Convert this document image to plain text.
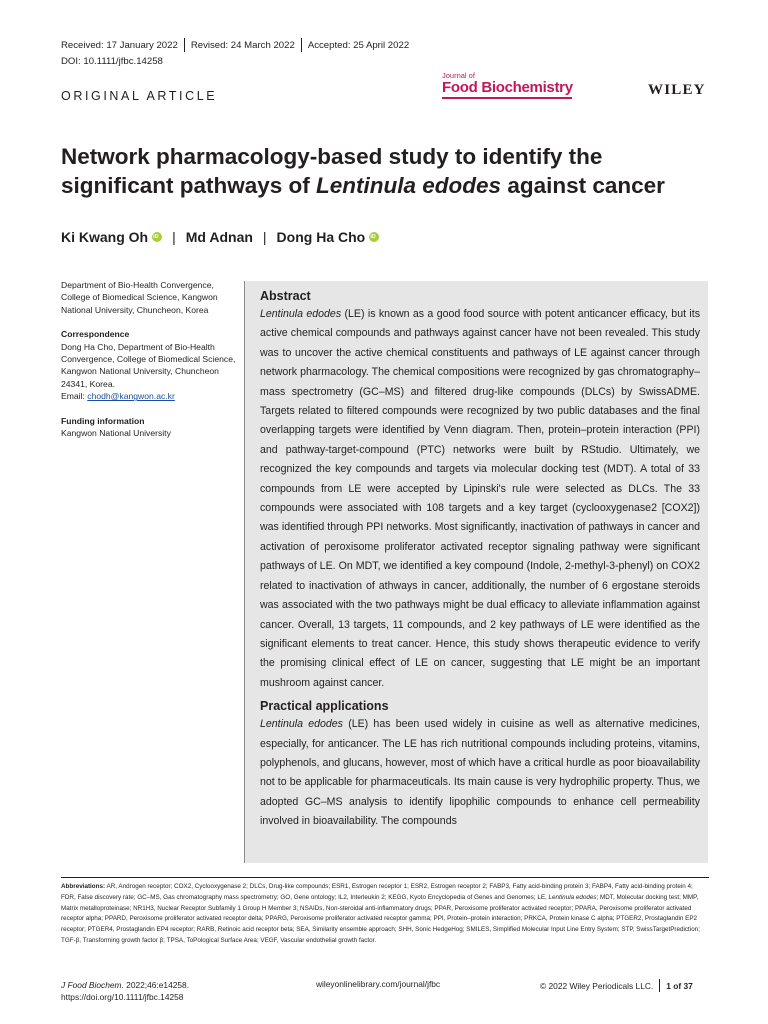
Received: 17 January 2022 Revised: 24 March 2022 Accepted: 25 April 2022
DOI: 10.1111/jfbc.14258
ORIGINAL ARTICLE
Journal of
Food Biochemistry	WILEY
Network pharmacology-based study to identify the significant pathways of Lentinula edodes against cancer
Ki Kwang Oh
iD | Md Adnan | Dong Ha Cho
iD

Department of Bio-Health Convergence, College of Biomedical Science, Kangwon National University, Chuncheon, Korea

Correspondence

Dong Ha Cho, Department of Bio-Health Convergence, College of Biomedical Science, Kangwon National University, Chuncheon 24341, Korea.

Email: chodh@kangwon.ac.kr

Funding information

Kangwon National University

Abstract

Lentinula edodes (LE) is known as a good food source with potent anticancer efficacy, but its active chemical compounds and pathways against cancer have not been revealed. This study was to uncover the active chemical constituents and pathways of LE against cancer through network pharmacology. The chemical compositions were recognized by gas chromatography–mass spectrometry (GC–MS) and filtered drug-like compounds (DLCs) by SwissADME. Targets related to filtered compounds were recognized by two public databases and the final overlapping targets were identified by Venn diagram. Then, protein–protein interaction (PPI) and pathway-target-compound (PTC) networks were built by RStudio. Ultimately, we recognized the key compounds and targets via molecular docking test (MDT). A total of 33 compounds from LE were accepted by Lipinski's rule were selected as DLCs. The 33 compounds were associated with 108 targets and a key target (cyclooxygenase2 [COX2]) was identified through PPI networks. Most significantly, inactivation of pathways in cancer and activation of peroxisome proliferator activated receptor signaling pathway were significant pathways of LE. On MDT, we identified a key compound (Indole, 2-methyl-3-phenyl) on COX2 related to inactivation of athways in cancer, additionally, the number of 6 ergostane steroids was associated with the two pathways might be dual efficacy to alleviate inflammation against cancer. Overall, 13 targets, 11 compounds, and 2 key pathways of LE were identified as the significant elements to treat cancer. Hence, this study shows therapeutic evidence to verify the promising clinical effect of LE on cancer, suggesting that LE might be an important mushroom against cancer.

Practical applications

Lentinula edodes (LE) has been used widely in cuisine as well as alternative medicines, especially, for anticancer. The LE has rich nutritional compounds including proteins, vitamins, polyphenols, and glucans, however, most of which have a critical hurdle as poor bioavailability not to be applicable for pharmaceuticals. Its main cause is very hydrophilic property. Thus, we adopted GC–MS analysis to identify lipophilic compounds to enhance cell permeability involved in bioavailability. The compounds

Abbreviations: AR, Androgen receptor; COX2, Cyclooxygenase 2; DLCs, Drug-like compounds; ESR1, Estrogen receptor 1; ESR2, Estrogen receptor 2; FABP3, Fatty acid-binding protein 3; FABP4, Fatty acid-binding protein 4; FDR, False discovery rate; GC–MS, Gas chromatography mass spectrometry; GO, Gene ontology; IL2, Interleukin 2; KEGG, Kyoto Encyclopedia of Genes and Genomes; LE, Lentinula edodes; MDT, Molecular docking test; MMP, Matrix metalloproteinase; NR1H3, Nuclear Receptor Subfamily 1 Group H Member 3; NSAIDs, Non-steroidal anti-inflammatory drugs; PPAR, Peroxisome proliferator activated receptor; PPARA, Peroxisome proliferator activated receptor alpha; PPARD, Peroxisome proliferator activated receptor delta; PPARG, Peroxisome proliferator activated receptor gamma; PPI, Protein–protein interaction; PRKCA, Protein kinase C alpha; PTGER2, Prostaglandin EP2 receptor; PTGER4, Prostaglandin EP4 receptor; RARB, Retinoic acid receptor beta; SEA, Similarity ensemble approach; SHH, Sonic HedgeHog; SMILES, Simplified Molecular Input Line Entry System; STP, SwissTargetPrediction; TGF-β, Transforming growth factor β; TPSA, ToPological Surface Area; VEGF, Vascular endothelial growth factor.
J Food Biochem. 2022;46:e14258.
https://doi.org/10.1111/jfbc.14258
wileyonlinelibrary.com/journal/jfbc	© 2022 Wiley Periodicals LLC. 1 of 37
